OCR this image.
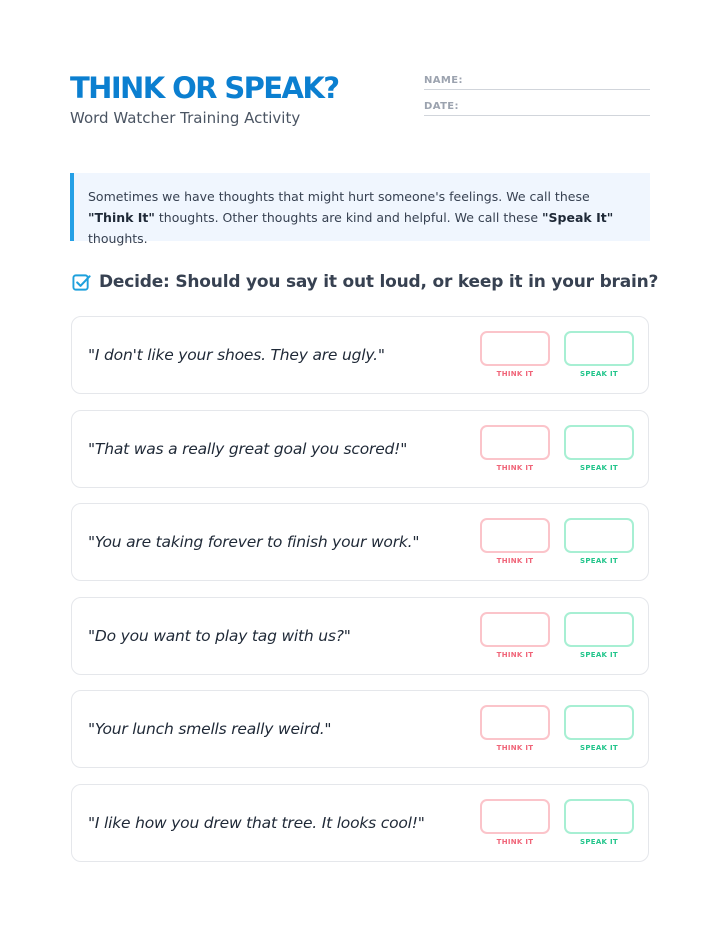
THINK OR SPEAK?
Word Watcher Training Activity
NAME:
DATE:
Sometimes we have thoughts that might hurt someone's feelings. We call these "Think It" thoughts. Other thoughts are kind and helpful. We call these "Speak It" thoughts.
Decide: Should you say it out loud, or keep it in your brain?
"I don't like your shoes. They are ugly."
THINK IT	SPEAK IT
"That was a really great goal you scored!"
THINK IT	SPEAK IT
"You are taking forever to finish your work."
THINK IT	SPEAK IT
"Do you want to play tag with us?"
THINK IT	SPEAK IT
"Your lunch smells really weird."
THINK IT	SPEAK IT
"I like how you drew that tree. It looks cool!"
THINK IT	SPEAK IT
